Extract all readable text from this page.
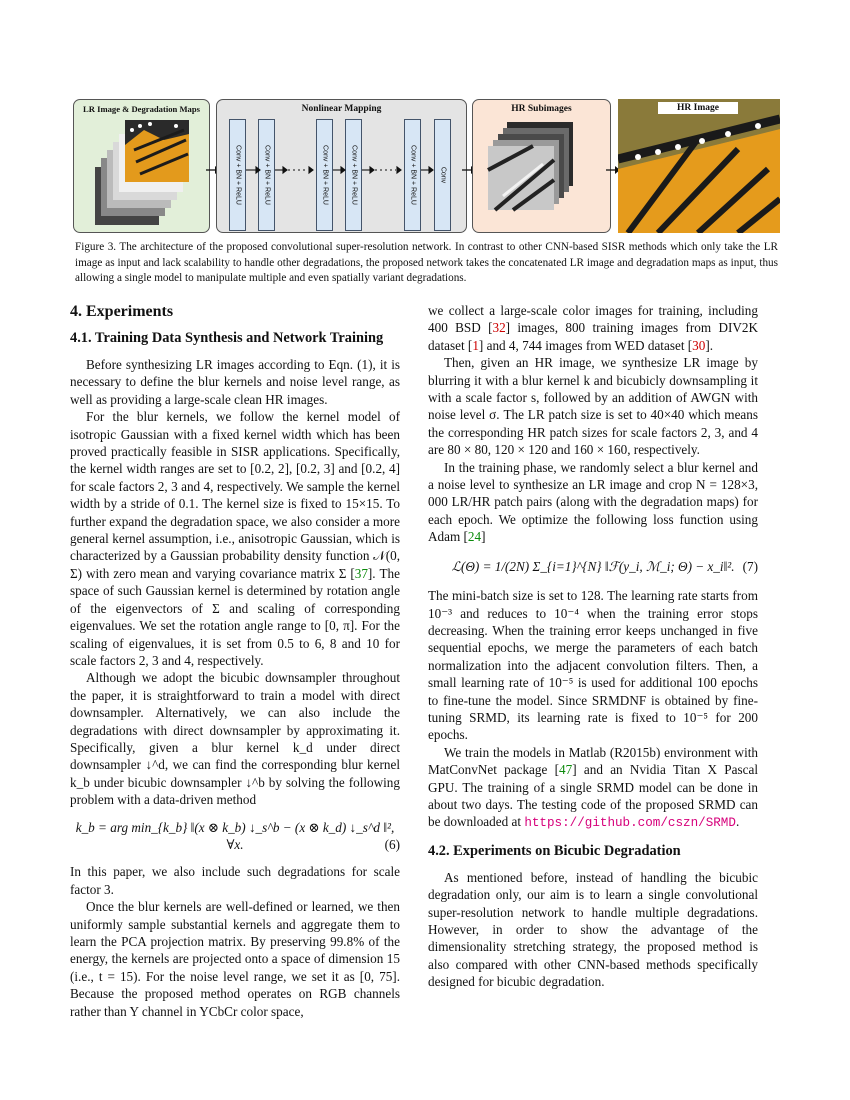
LR Image & Degradation Maps	Nonlinear Mapping
Conv + BN + ReLU	Conv + BN + ReLU	Conv + BN + ReLU	Conv + BN + ReLU	Conv + BN + ReLU	Conv
HR Subimages	HR Image
Figure 3. The architecture of the proposed convolutional super-resolution network. In contrast to other CNN-based SISR methods which only take the LR image as input and lack scalability to handle other degradations, the proposed network takes the concatenated LR image and degradation maps as input, thus allowing a single model to manipulate multiple and even spatially variant degradations.
4. Experiments
4.1. Training Data Synthesis and Network Training

Before synthesizing LR images according to Eqn. (1), it is necessary to define the blur kernels and noise level range, as well as providing a large-scale clean HR images.

For the blur kernels, we follow the kernel model of isotropic Gaussian with a fixed kernel width which has been proved practically feasible in SISR applications. Specifically, the kernel width ranges are set to [0.2, 2], [0.2, 3] and [0.2, 4] for scale factors 2, 3 and 4, respectively. We sample the kernel width by a stride of 0.1. The kernel size is fixed to 15×15. To further expand the degradation space, we also consider a more general kernel assumption, i.e., anisotropic Gaussian, which is characterized by a Gaussian probability density function 𝒩(0, Σ) with zero mean and varying covariance matrix Σ [37]. The space of such Gaussian kernel is determined by rotation angle of the eigenvectors of Σ and scaling of corresponding eigenvalues. We set the rotation angle range to [0, π]. For the scaling of eigenvalues, it is set from 0.5 to 6, 8 and 10 for scale factors 2, 3 and 4, respectively.

Although we adopt the bicubic downsampler throughout the paper, it is straightforward to train a model with direct downsampler. Alternatively, we can also include the degradations with direct downsampler by approximating it. Specifically, given a blur kernel k_d under direct downsampler ↓^d, we can find the corresponding blur kernel k_b under bicubic downsampler ↓^b by solving the following problem with a data-driven method

k_b = arg min_{k_b} ‖(x ⊗ k_b) ↓_s^b − (x ⊗ k_d) ↓_s^d ‖², ∀x.	(6)

In this paper, we also include such degradations for scale factor 3.

Once the blur kernels are well-defined or learned, we then uniformly sample substantial kernels and aggregate them to learn the PCA projection matrix. By preserving 99.8% of the energy, the kernels are projected onto a space of dimension 15 (i.e., t = 15). For the noise level range, we set it as [0, 75]. Because the proposed method operates on RGB channels rather than Y channel in YCbCr color space,

we collect a large-scale color images for training, including 400 BSD [32] images, 800 training images from DIV2K dataset [1] and 4, 744 images from WED dataset [30].

Then, given an HR image, we synthesize LR image by blurring it with a blur kernel k and bicubicly downsampling it with a scale factor s, followed by an addition of AWGN with noise level σ. The LR patch size is set to 40×40 which means the corresponding HR patch sizes for scale factors 2, 3, and 4 are 80 × 80, 120 × 120 and 160 × 160, respectively.

In the training phase, we randomly select a blur kernel and a noise level to synthesize an LR image and crop N = 128×3, 000 LR/HR patch pairs (along with the degradation maps) for each epoch. We optimize the following loss function using Adam [24]

ℒ(Θ) = 1/(2N) Σ_{i=1}^{N} ‖ℱ(y_i, ℳ_i; Θ) − x_i‖². (7)

The mini-batch size is set to 128. The learning rate starts from 10⁻³ and reduces to 10⁻⁴ when the training error stops decreasing. When the training error keeps unchanged in five sequential epochs, we merge the parameters of each batch normalization into the adjacent convolution filters. Then, a small learning rate of 10⁻⁵ is used for additional 100 epochs to fine-tune the model. Since SRMDNF is obtained by fine-tuning SRMD, its learning rate is fixed to 10⁻⁵ for 200 epochs.

We train the models in Matlab (R2015b) environment with MatConvNet package [47] and an Nvidia Titan X Pascal GPU. The training of a single SRMD model can be done in about two days. The testing code of the proposed SRMD can be downloaded at https://github.com/cszn/SRMD.

4.2. Experiments on Bicubic Degradation

As mentioned before, instead of handling the bicubic degradation only, our aim is to learn a single convolutional super-resolution network to handle multiple degradations. However, in order to show the advantage of the dimensionality stretching strategy, the proposed method is also compared with other CNN-based methods specifically designed for bicubic degradation.
